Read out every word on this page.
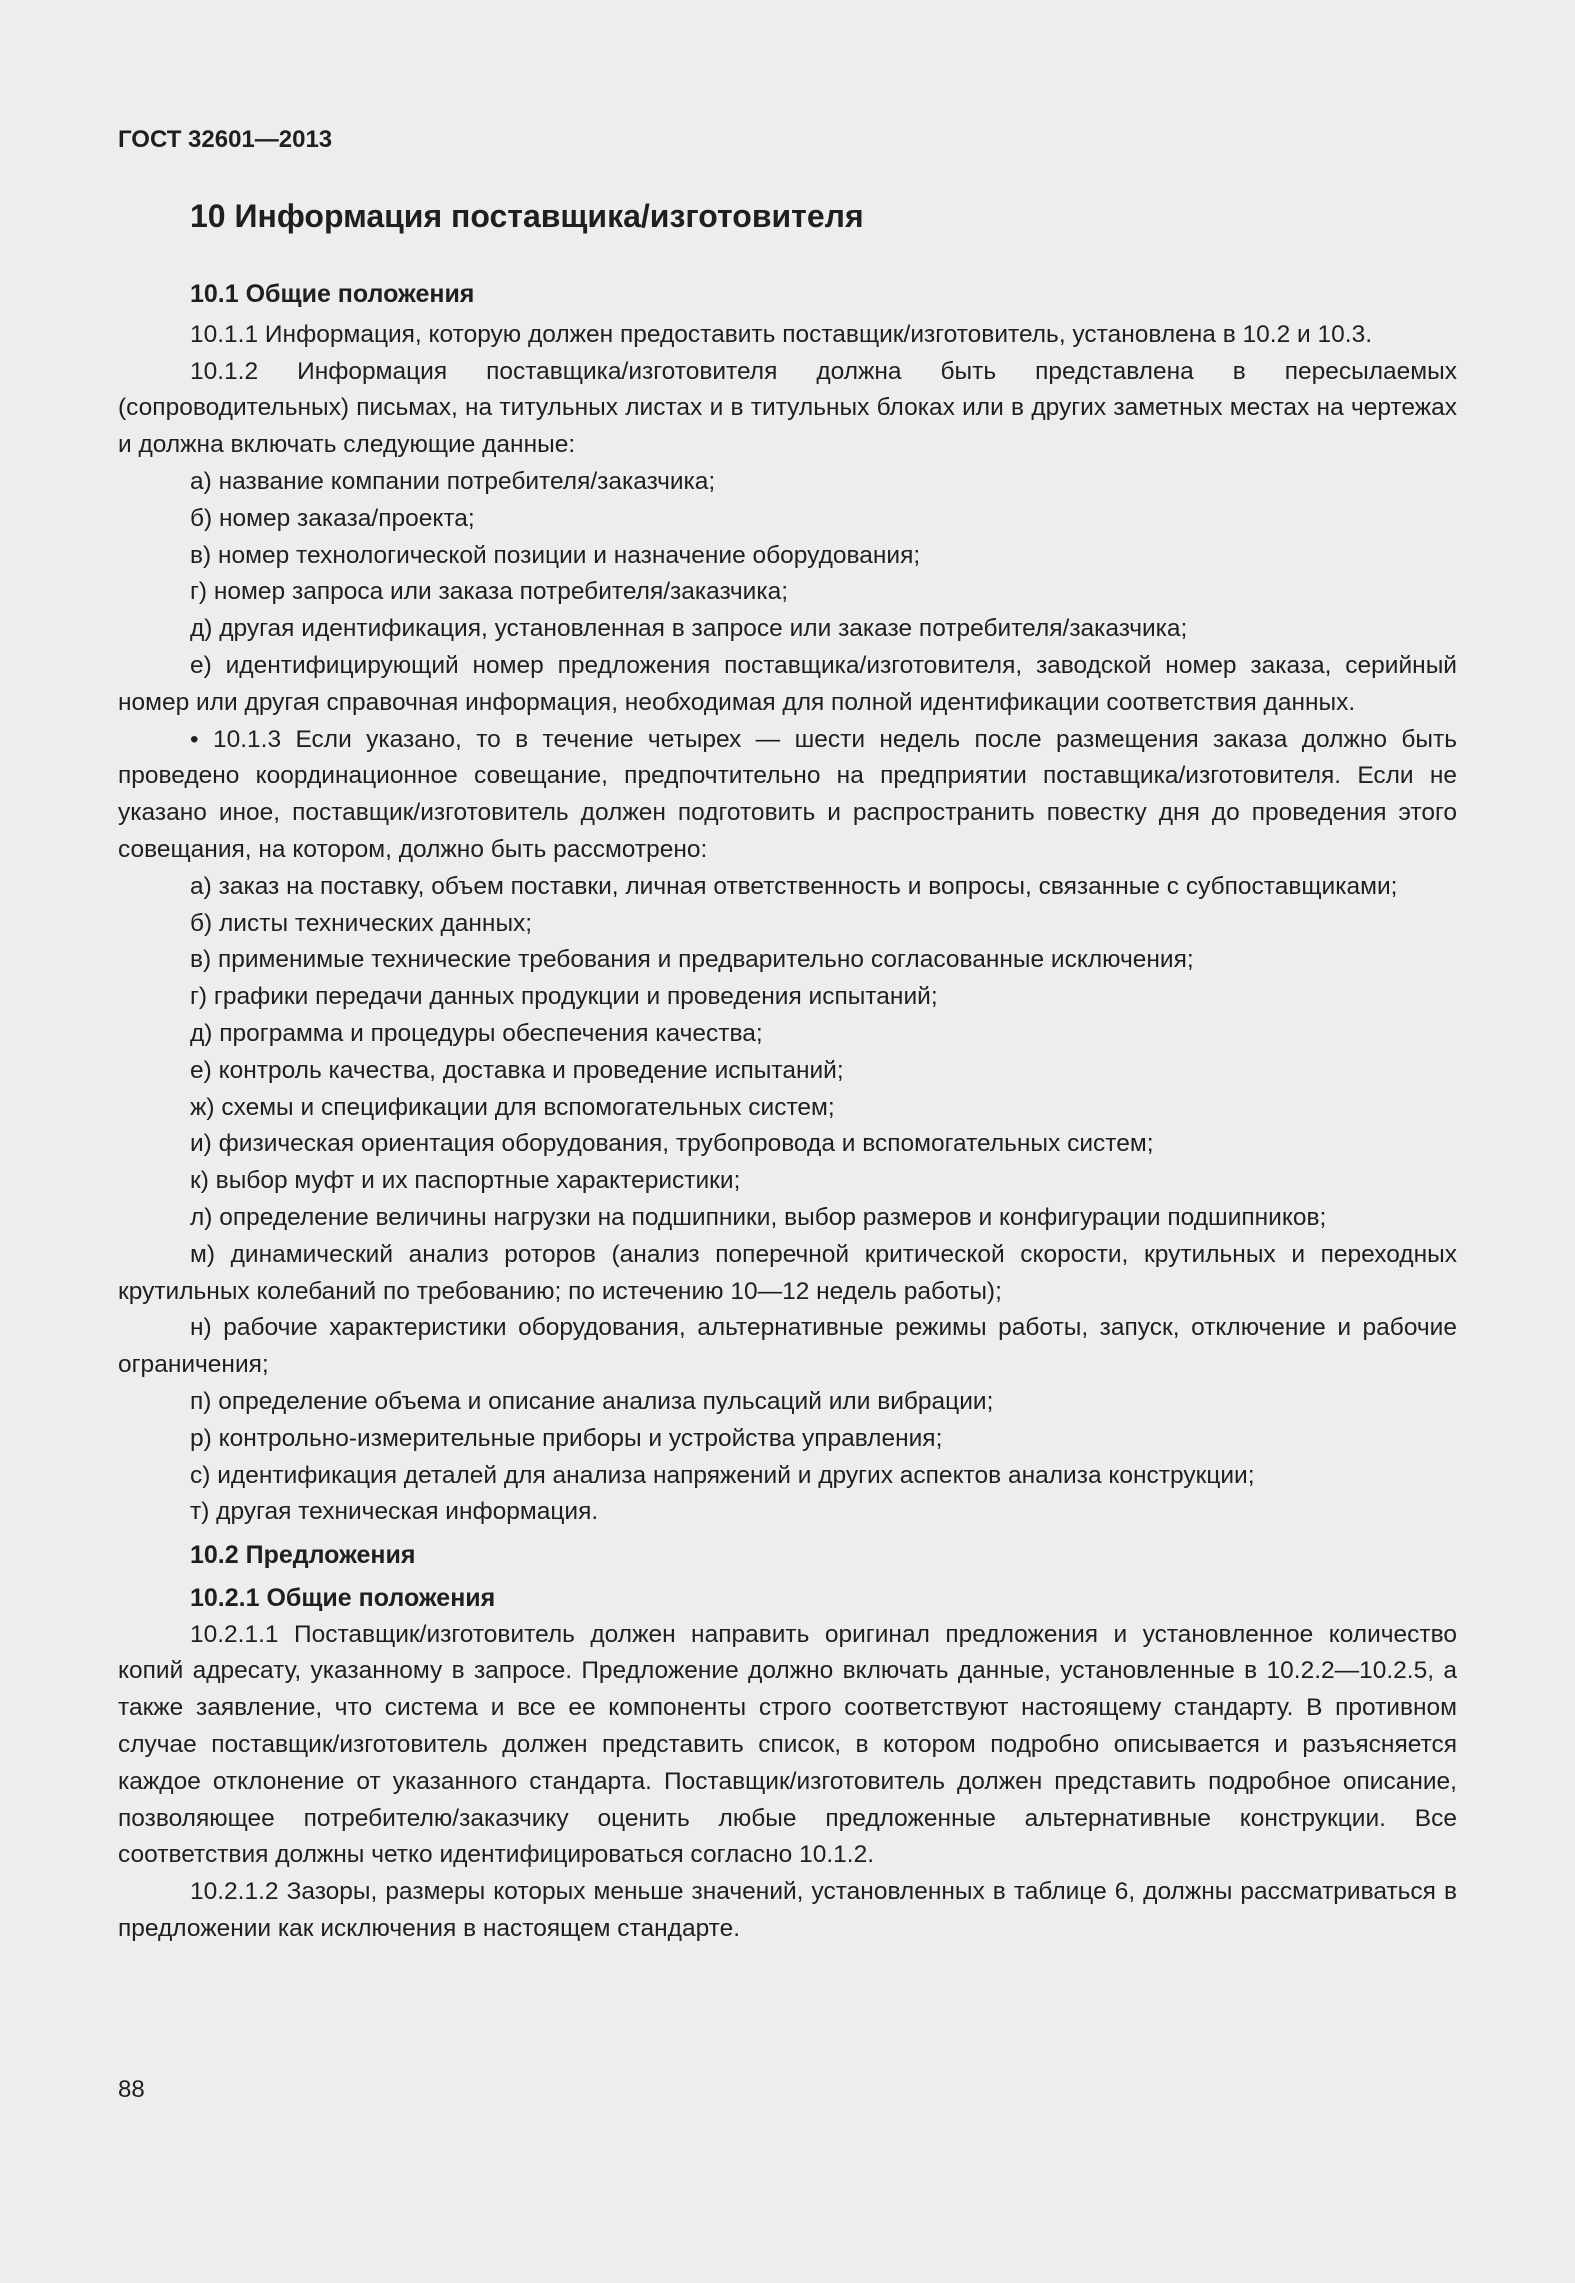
ГОСТ 32601—2013
10 Информация поставщика/изготовителя
10.1 Общие положения

10.1.1 Информация, которую должен предоставить поставщик/изготовитель, установлена в 10.2 и 10.3.

10.1.2 Информация поставщика/изготовителя должна быть представлена в пересылаемых (сопроводительных) письмах, на титульных листах и в титульных блоках или в других заметных местах на чертежах и должна включать следующие данные:

а) название компании потребителя/заказчика;

б) номер заказа/проекта;

в) номер технологической позиции и назначение оборудования;

г) номер запроса или заказа потребителя/заказчика;

д) другая идентификация, установленная в запросе или заказе потребителя/заказчика;

е) идентифицирующий номер предложения поставщика/изготовителя, заводской номер заказа, серийный номер или другая справочная информация, необходимая для полной идентификации соответствия данных.

• 10.1.3 Если указано, то в течение четырех — шести недель после размещения заказа должно быть проведено координационное совещание, предпочтительно на предприятии поставщика/изготовителя. Если не указано иное, поставщик/изготовитель должен подготовить и распространить повестку дня до проведения этого совещания, на котором, должно быть рассмотрено:

а) заказ на поставку, объем поставки, личная ответственность и вопросы, связанные с субпоставщиками;

б) листы технических данных;

в) применимые технические требования и предварительно согласованные исключения;

г) графики передачи данных продукции и проведения испытаний;

д) программа и процедуры обеспечения качества;

е) контроль качества, доставка и проведение испытаний;

ж) схемы и спецификации для вспомогательных систем;

и) физическая ориентация оборудования, трубопровода и вспомогательных систем;

к) выбор муфт и их паспортные характеристики;

л) определение величины нагрузки на подшипники, выбор размеров и конфигурации подшипников;

м) динамический анализ роторов (анализ поперечной критической скорости, крутильных и переходных крутильных колебаний по требованию; по истечению 10—12 недель работы);

н) рабочие характеристики оборудования, альтернативные режимы работы, запуск, отключение и рабочие ограничения;

п) определение объема и описание анализа пульсаций или вибрации;

р) контрольно-измерительные приборы и устройства управления;

с) идентификация деталей для анализа напряжений и других аспектов анализа конструкции;

т) другая техническая информация.

10.2 Предложения
10.2.1 Общие положения

10.2.1.1 Поставщик/изготовитель должен направить оригинал предложения и установленное количество копий адресату, указанному в запросе. Предложение должно включать данные, установленные в 10.2.2—10.2.5, а также заявление, что система и все ее компоненты строго соответствуют настоящему стандарту. В противном случае поставщик/изготовитель должен представить список, в котором подробно описывается и разъясняется каждое отклонение от указанного стандарта. Поставщик/изготовитель должен представить подробное описание, позволяющее потребителю/заказчику оценить любые предложенные альтернативные конструкции. Все соответствия должны четко идентифицироваться согласно 10.1.2.

10.2.1.2 Зазоры, размеры которых меньше значений, установленных в таблице 6, должны рассматриваться в предложении как исключения в настоящем стандарте.

88
